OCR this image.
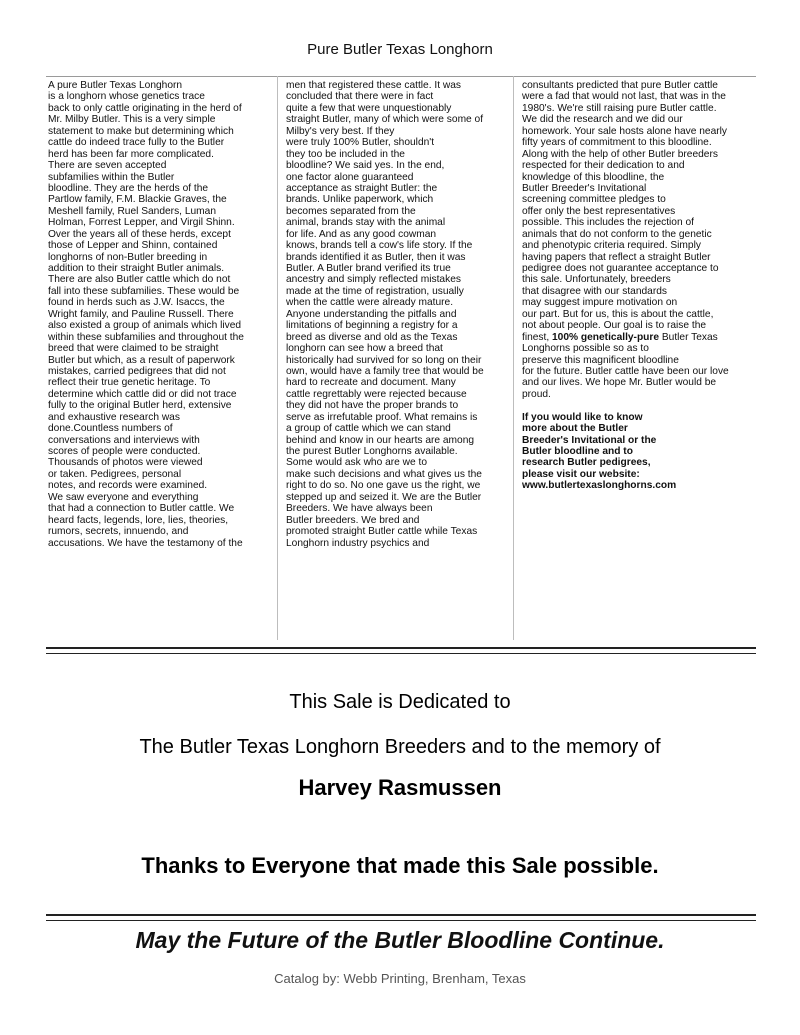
Pure Butler Texas Longhorn
A pure Butler Texas Longhorn
is a longhorn whose genetics trace
back to only cattle originating in the herd of
Mr. Milby Butler. This is a very simple
statement to make but determining which
cattle do indeed trace fully to the Butler
herd has been far more complicated.
There are seven accepted
subfamilies within the Butler
bloodline. They are the herds of the
Partlow family, F.M. Blackie Graves, the
Meshell family, Ruel Sanders, Luman
Holman, Forrest Lepper, and Virgil Shinn.
Over the years all of these herds, except
those of Lepper and Shinn, contained
longhorns of non-Butler breeding in
addition to their straight Butler animals.
There are also Butler cattle which do not
fall into these subfamilies. These would be
found in herds such as J.W. Isaccs, the
Wright family, and Pauline Russell. There
also existed a group of animals which lived
within these subfamilies and throughout the
breed that were claimed to be straight
Butler but which, as a result of paperwork
mistakes, carried pedigrees that did not
reflect their true genetic heritage. To
determine which cattle did or did not trace
fully to the original Butler herd, extensive
and exhaustive research was
done.Countless numbers of
conversations and interviews with
scores of people were conducted.
Thousands of photos were viewed
or taken. Pedigrees, personal
notes, and records were examined.
We saw everyone and everything
that had a connection to Butler cattle. We
heard facts, legends, lore, lies, theories,
rumors, secrets, innuendo, and
accusations. We have the testamony of the
men that registered these cattle. It was
concluded that there were in fact
quite a few that were unquestionably
straight Butler, many of which were some of
Milby's very best. If they
were truly 100% Butler, shouldn't
they too be included in the
bloodline? We said yes. In the end,
one factor alone guaranteed
acceptance as straight Butler: the
brands. Unlike paperwork, which
becomes separated from the
animal, brands stay with the animal
for life. And as any good cowman
knows, brands tell a cow's life story. If the
brands identified it as Butler, then it was
Butler. A Butler brand verified its true
ancestry and simply reflected mistakes
made at the time of registration, usually
when the cattle were already mature.
Anyone understanding the pitfalls and
limitations of beginning a registry for a
breed as diverse and old as the Texas
longhorn can see how a breed that
historically had survived for so long on their
own, would have a family tree that would be
hard to recreate and document. Many
cattle regrettably were rejected because
they did not have the proper brands to
serve as irrefutable proof. What remains is
a group of cattle which we can stand
behind and know in our hearts are among
the purest Butler Longhorns available.
Some would ask who are we to
make such decisions and what gives us the
right to do so. No one gave us the right, we
stepped up and seized it. We are the Butler
Breeders. We have always been
Butler breeders. We bred and
promoted straight Butler cattle while Texas
Longhorn industry psychics and
consultants predicted that pure Butler cattle
were a fad that would not last, that was in the
1980's. We're still raising pure Butler cattle.
We did the research and we did our
homework. Your sale hosts alone have nearly
fifty years of commitment to this bloodline.
Along with the help of other Butler breeders
respected for their dedication to and
knowledge of this bloodline, the
Butler Breeder's Invitational
screening committee pledges to
offer only the best representatives
possible. This includes the rejection of
animals that do not conform to the genetic
and phenotypic criteria required. Simply
having papers that reflect a straight Butler
pedigree does not guarantee acceptance to
this sale. Unfortunately, breeders
that disagree with our standards
may suggest impure motivation on
our part. But for us, this is about the cattle,
not about people. Our goal is to raise the
finest, 100% genetically-pure Butler Texas
Longhorns possible so as to
preserve this magnificent bloodline
for the future. Butler cattle have been our love
and our lives. We hope Mr. Butler would be
proud.
If you would like to know
more about the Butler
Breeder's Invitational or the
Butler bloodline and to
research Butler pedigrees,
please visit our website:
www.butlertexaslonghorns.com
This Sale is Dedicated to
The Butler Texas Longhorn Breeders and to the memory of
Harvey Rasmussen
Thanks to Everyone that made this Sale possible.
May the Future of the Butler Bloodline Continue.
Catalog by: Webb Printing, Brenham, Texas
